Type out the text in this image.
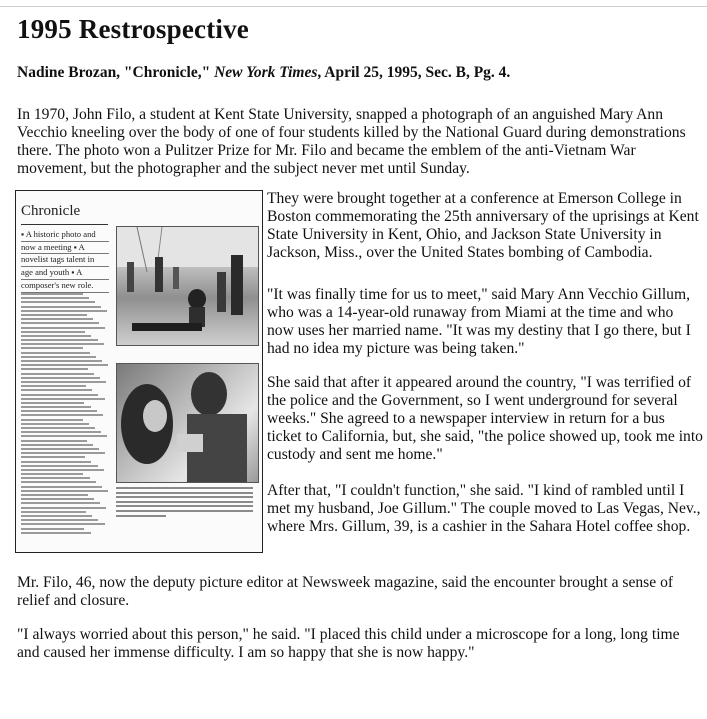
1995 Restrospective

Nadine Brozan, "Chronicle," New York Times, April 25, 1995, Sec. B, Pg. 4.

In 1970, John Filo, a student at Kent State University, snapped a photograph of an anguished Mary Ann Vecchio kneeling over the body of one of four students killed by the National Guard during demonstrations there. The photo won a Pulitzer Prize for Mr. Filo and became the emblem of the anti-Vietnam War movement, but the photographer and the subject never met until Sunday.

Chronicle

▪ A historic photo and
now a meeting ▪ A
novelist tags talent in
age and youth ▪ A
composer's new role.

They were brought together at a conference at Emerson College in Boston commemorating the 25th anniversary of the uprisings at Kent State University in Kent, Ohio, and Jackson State University in Jackson, Miss., over the United States bombing of Cambodia.

"It was finally time for us to meet," said Mary Ann Vecchio Gillum, who was a 14-year-old runaway from Miami at the time and who now uses her married name. "It was my destiny that I go there, but I had no idea my picture was being taken."

She said that after it appeared around the country, "I was terrified of the police and the Government, so I went underground for several weeks." She agreed to a newspaper interview in return for a bus ticket to California, but, she said, "the police showed up, took me into custody and sent me home."

After that, "I couldn't function," she said. "I kind of rambled until I met my husband, Joe Gillum." The couple moved to Las Vegas, Nev., where Mrs. Gillum, 39, is a cashier in the Sahara Hotel coffee shop.

Mr. Filo, 46, now the deputy picture editor at Newsweek magazine, said the encounter brought a sense of relief and closure.

"I always worried about this person," he said. "I placed this child under a microscope for a long, long time and caused her immense difficulty. I am so happy that she is now happy."
